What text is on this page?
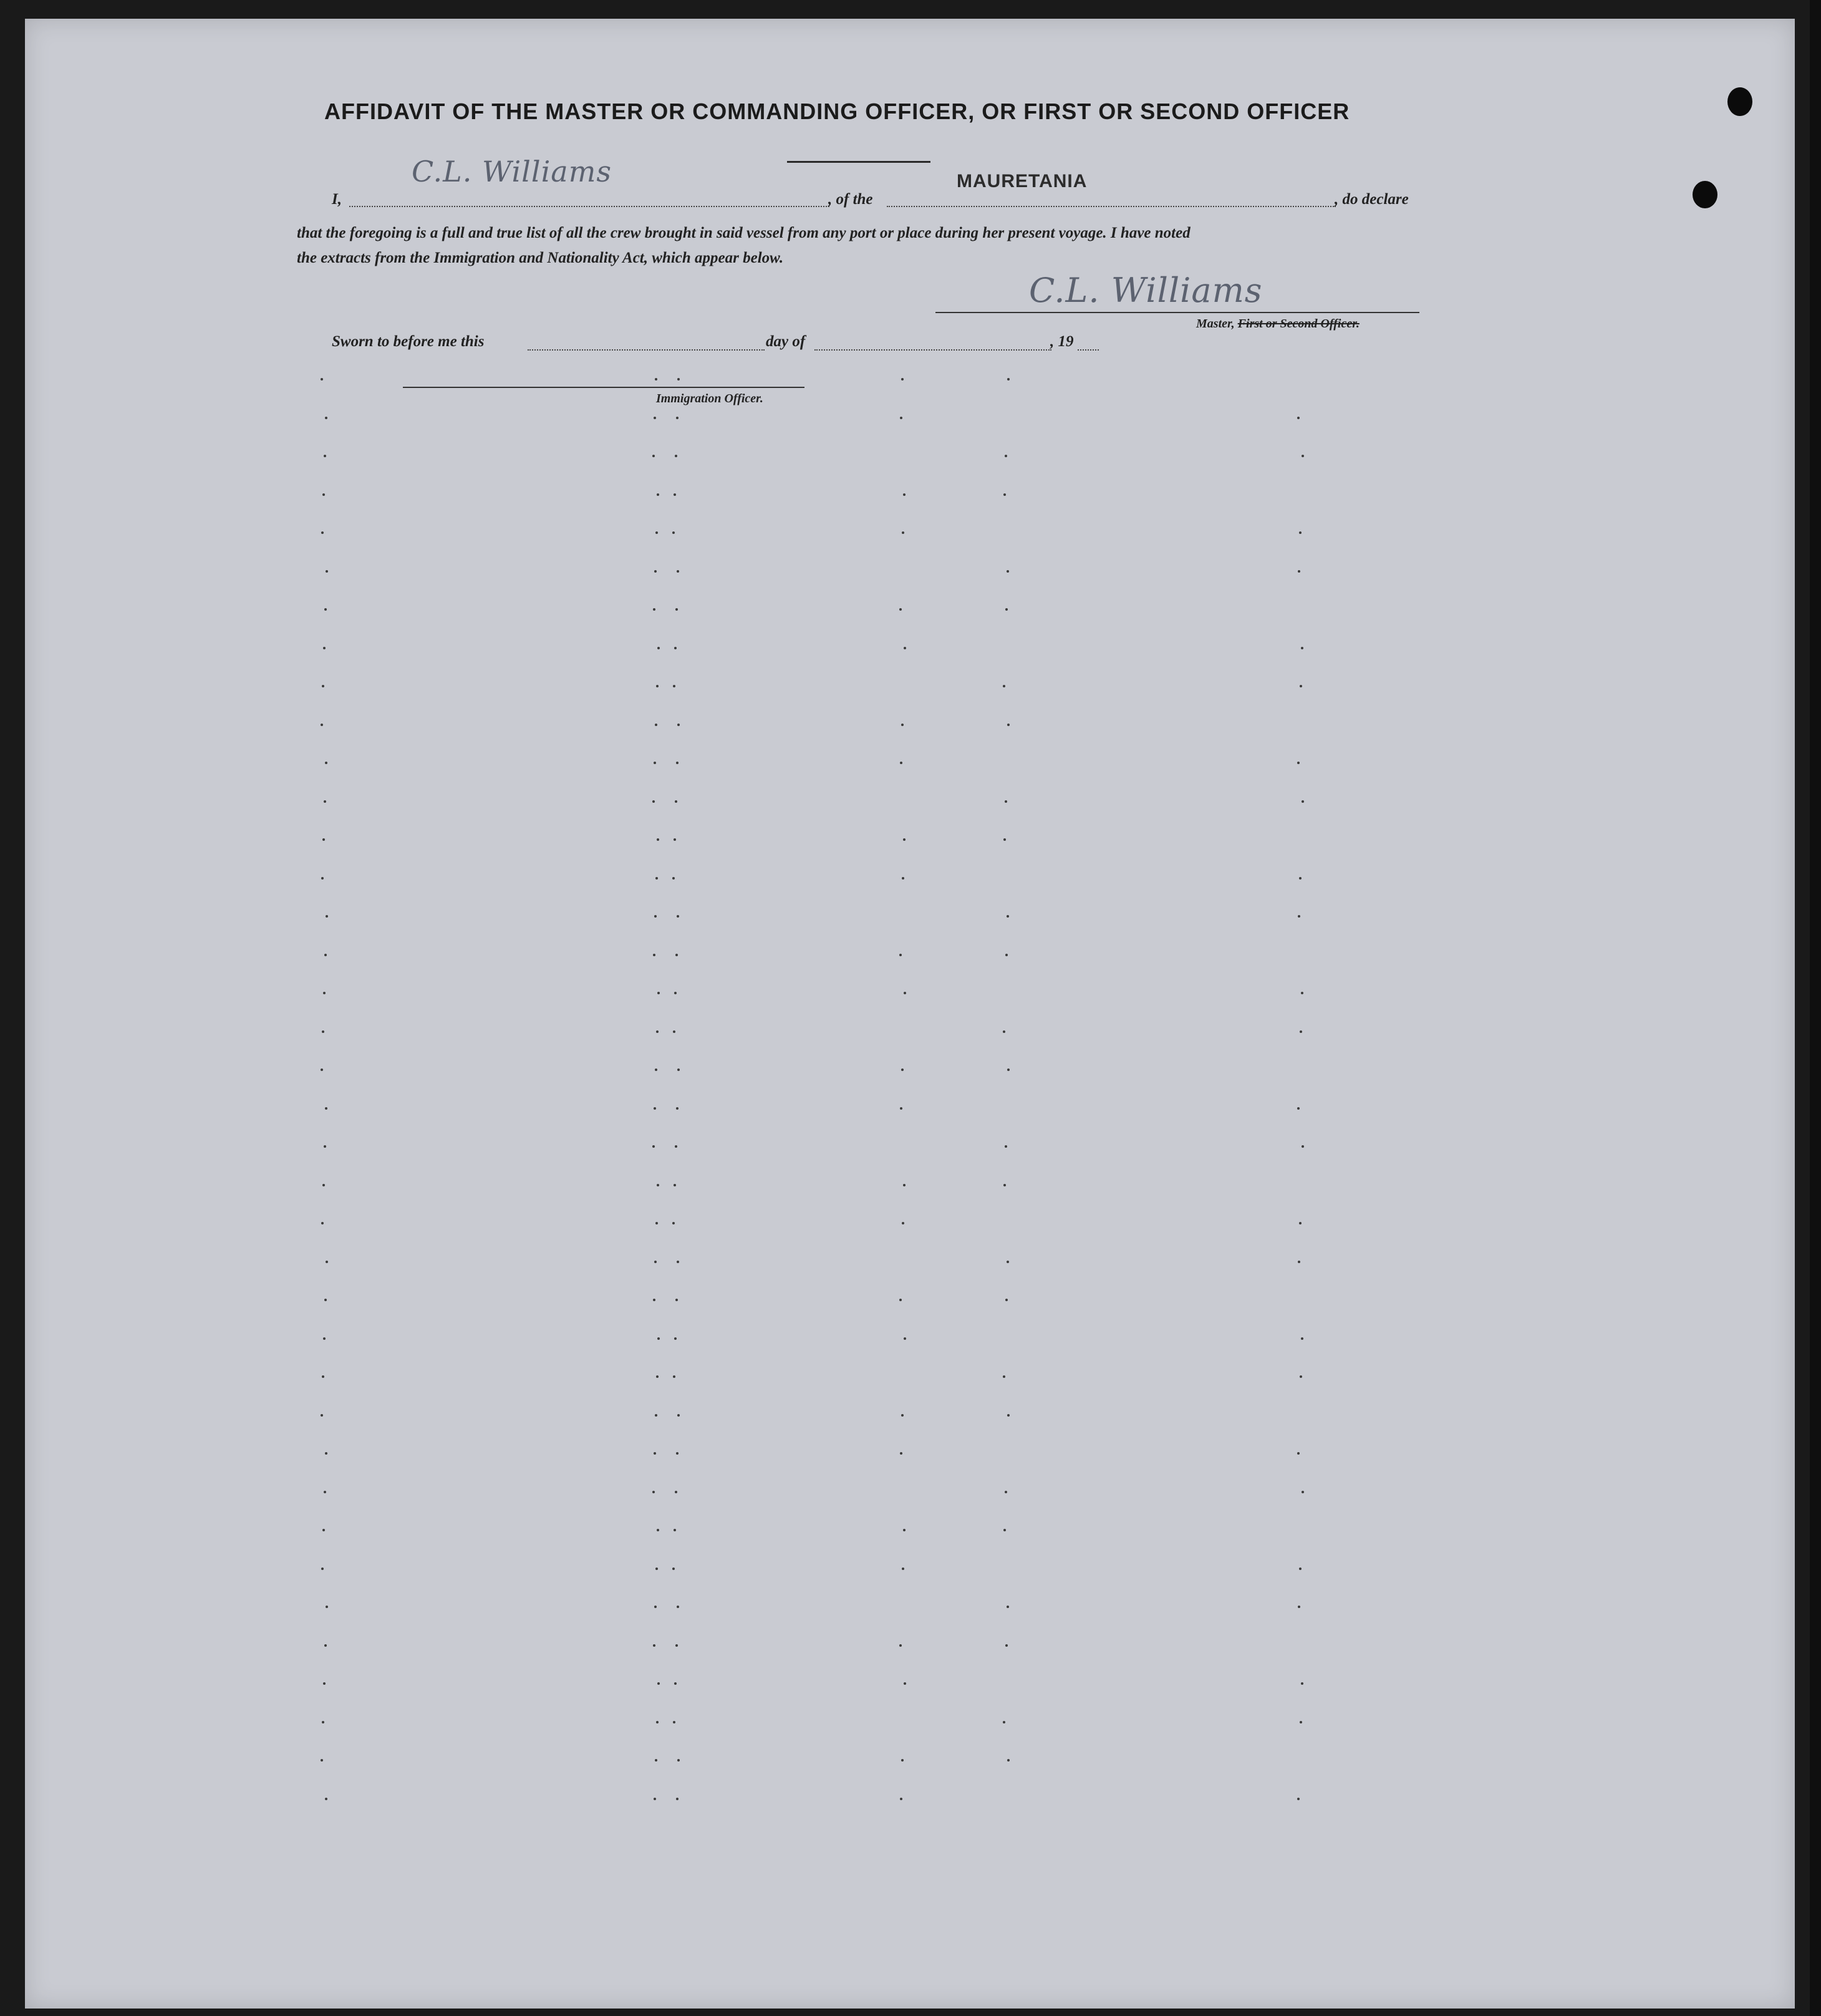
AFFIDAVIT OF THE MASTER OR COMMANDING OFFICER, OR FIRST OR SECOND OFFICER
I,
C.L. Williams
, of the
MAURETANIA
, do declare
that the foregoing is a full and true list of all the crew brought in said vessel from any port or place during her present voyage. I have noted
the extracts from the Immigration and Nationality Act, which appear below.
C.L. Williams
Master, First or Second Officer.
Sworn to before me this	day of	, 19
Immigration Officer.
